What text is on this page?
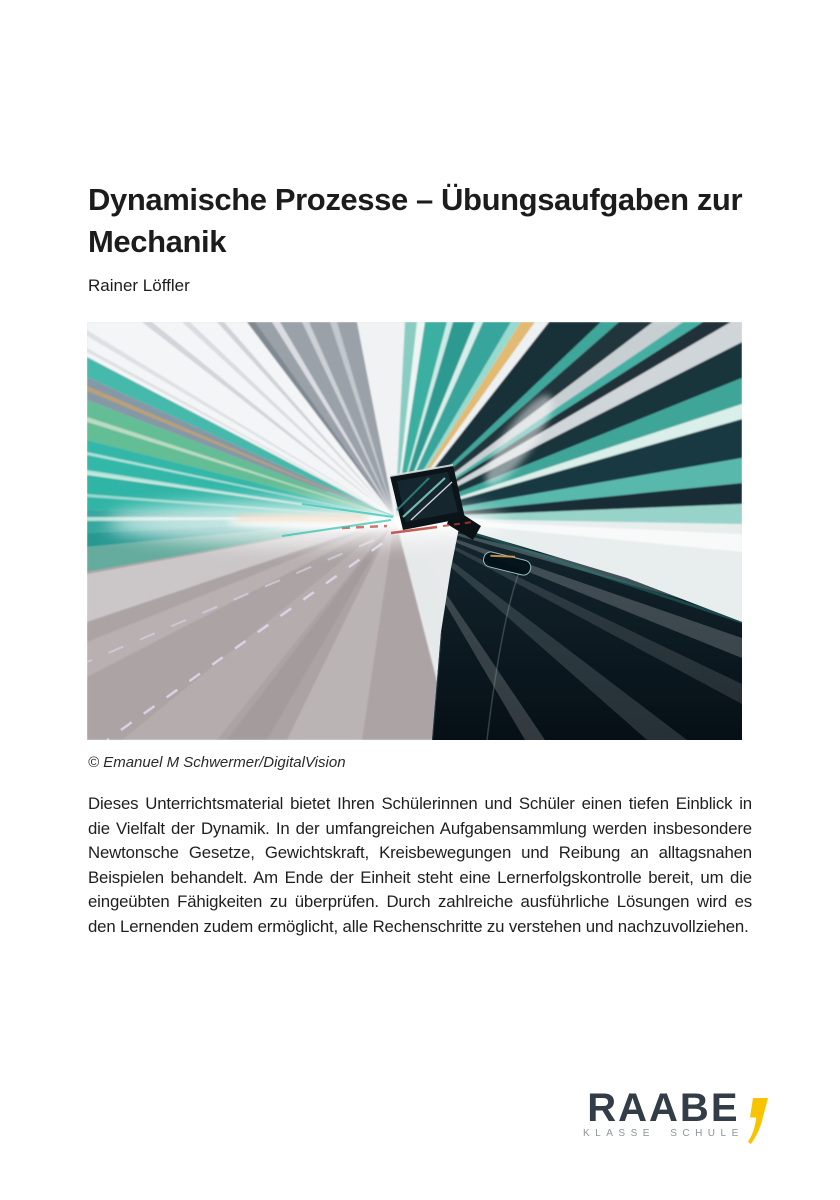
Dynamische Prozesse – Übungsaufgaben zur Mechanik
Rainer Löffler
© Emanuel M Schwermer/DigitalVision

Dieses Unterrichtsmaterial bietet Ihren Schülerinnen und Schüler einen tiefen Einblick in die Vielfalt der Dynamik. In der umfangreichen Aufgabensammlung werden insbesondere Newtonsche Gesetze, Gewichtskraft, Kreisbewegungen und Reibung an alltagsnahen Beispielen behandelt. Am Ende der Einheit steht eine Lernerfolgskontrolle bereit, um die eingeübten Fähigkeiten zu überprüfen. Durch zahlreiche ausführliche Lösungen wird es den Lernenden zudem ermöglicht, alle Rechenschritte zu verstehen und nachzuvollziehen.

RAABE
KLASSE SCHULE
